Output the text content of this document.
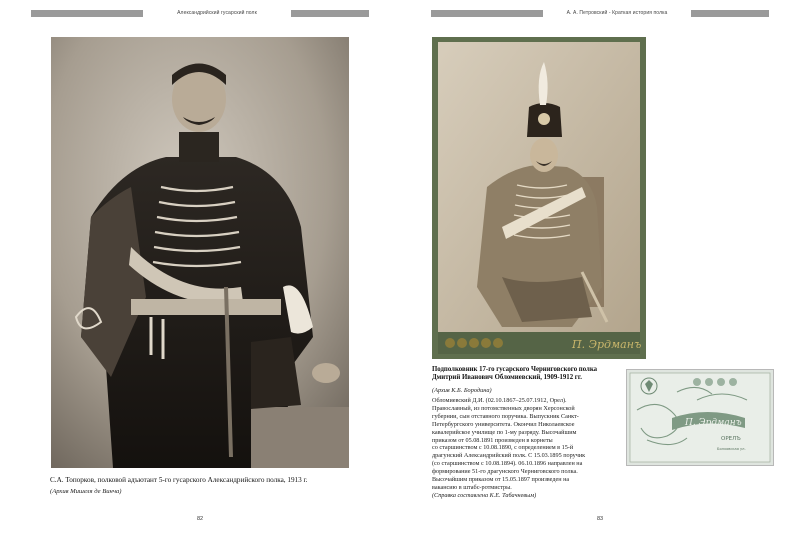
Александрийский гусарский полк
С.А. Топорков, полковой адъютант 5-го гусарского Александрийского полка, 1913 г.
(Архив Мишеля де Винча)
82
А. А. Петровский - Краткая история полка
П. Эрдманъ
Подполковник 17-го гусарского Черниговского полка
Дмитрий Иванович Обломиевский, 1909-1912 гг.
(Архив К.Б. Бородина)
Обломиевский Д.И. (02.10.1867–25.07.1912, Орел).
Православный, из потомственных дворян Херсонской
губернии, сын отставного поручика. Выпускник Санкт-
Петербургского университета. Окончил Николаевское
кавалерийское училище по 1-му разряду. Высочайшим
приказом от 05.08.1891 произведен в корнеты
со старшинством с 10.08.1890, с определением в 15-й
драгунский Александрийский полк. С 15.03.1895 поручик
(со старшинством с 10.08.1894). 06.10.1896 направлен на
формирование 51-го драгунского Черниговского полка.
Высочайшим приказом от 15.05.1897 произведен на
вакансию в штабс-ротмистры.
(Справка составлена К.Е. Табачневым)
П. Эрдманъ
ОРЕЛЪ
Болховская ул.
83
